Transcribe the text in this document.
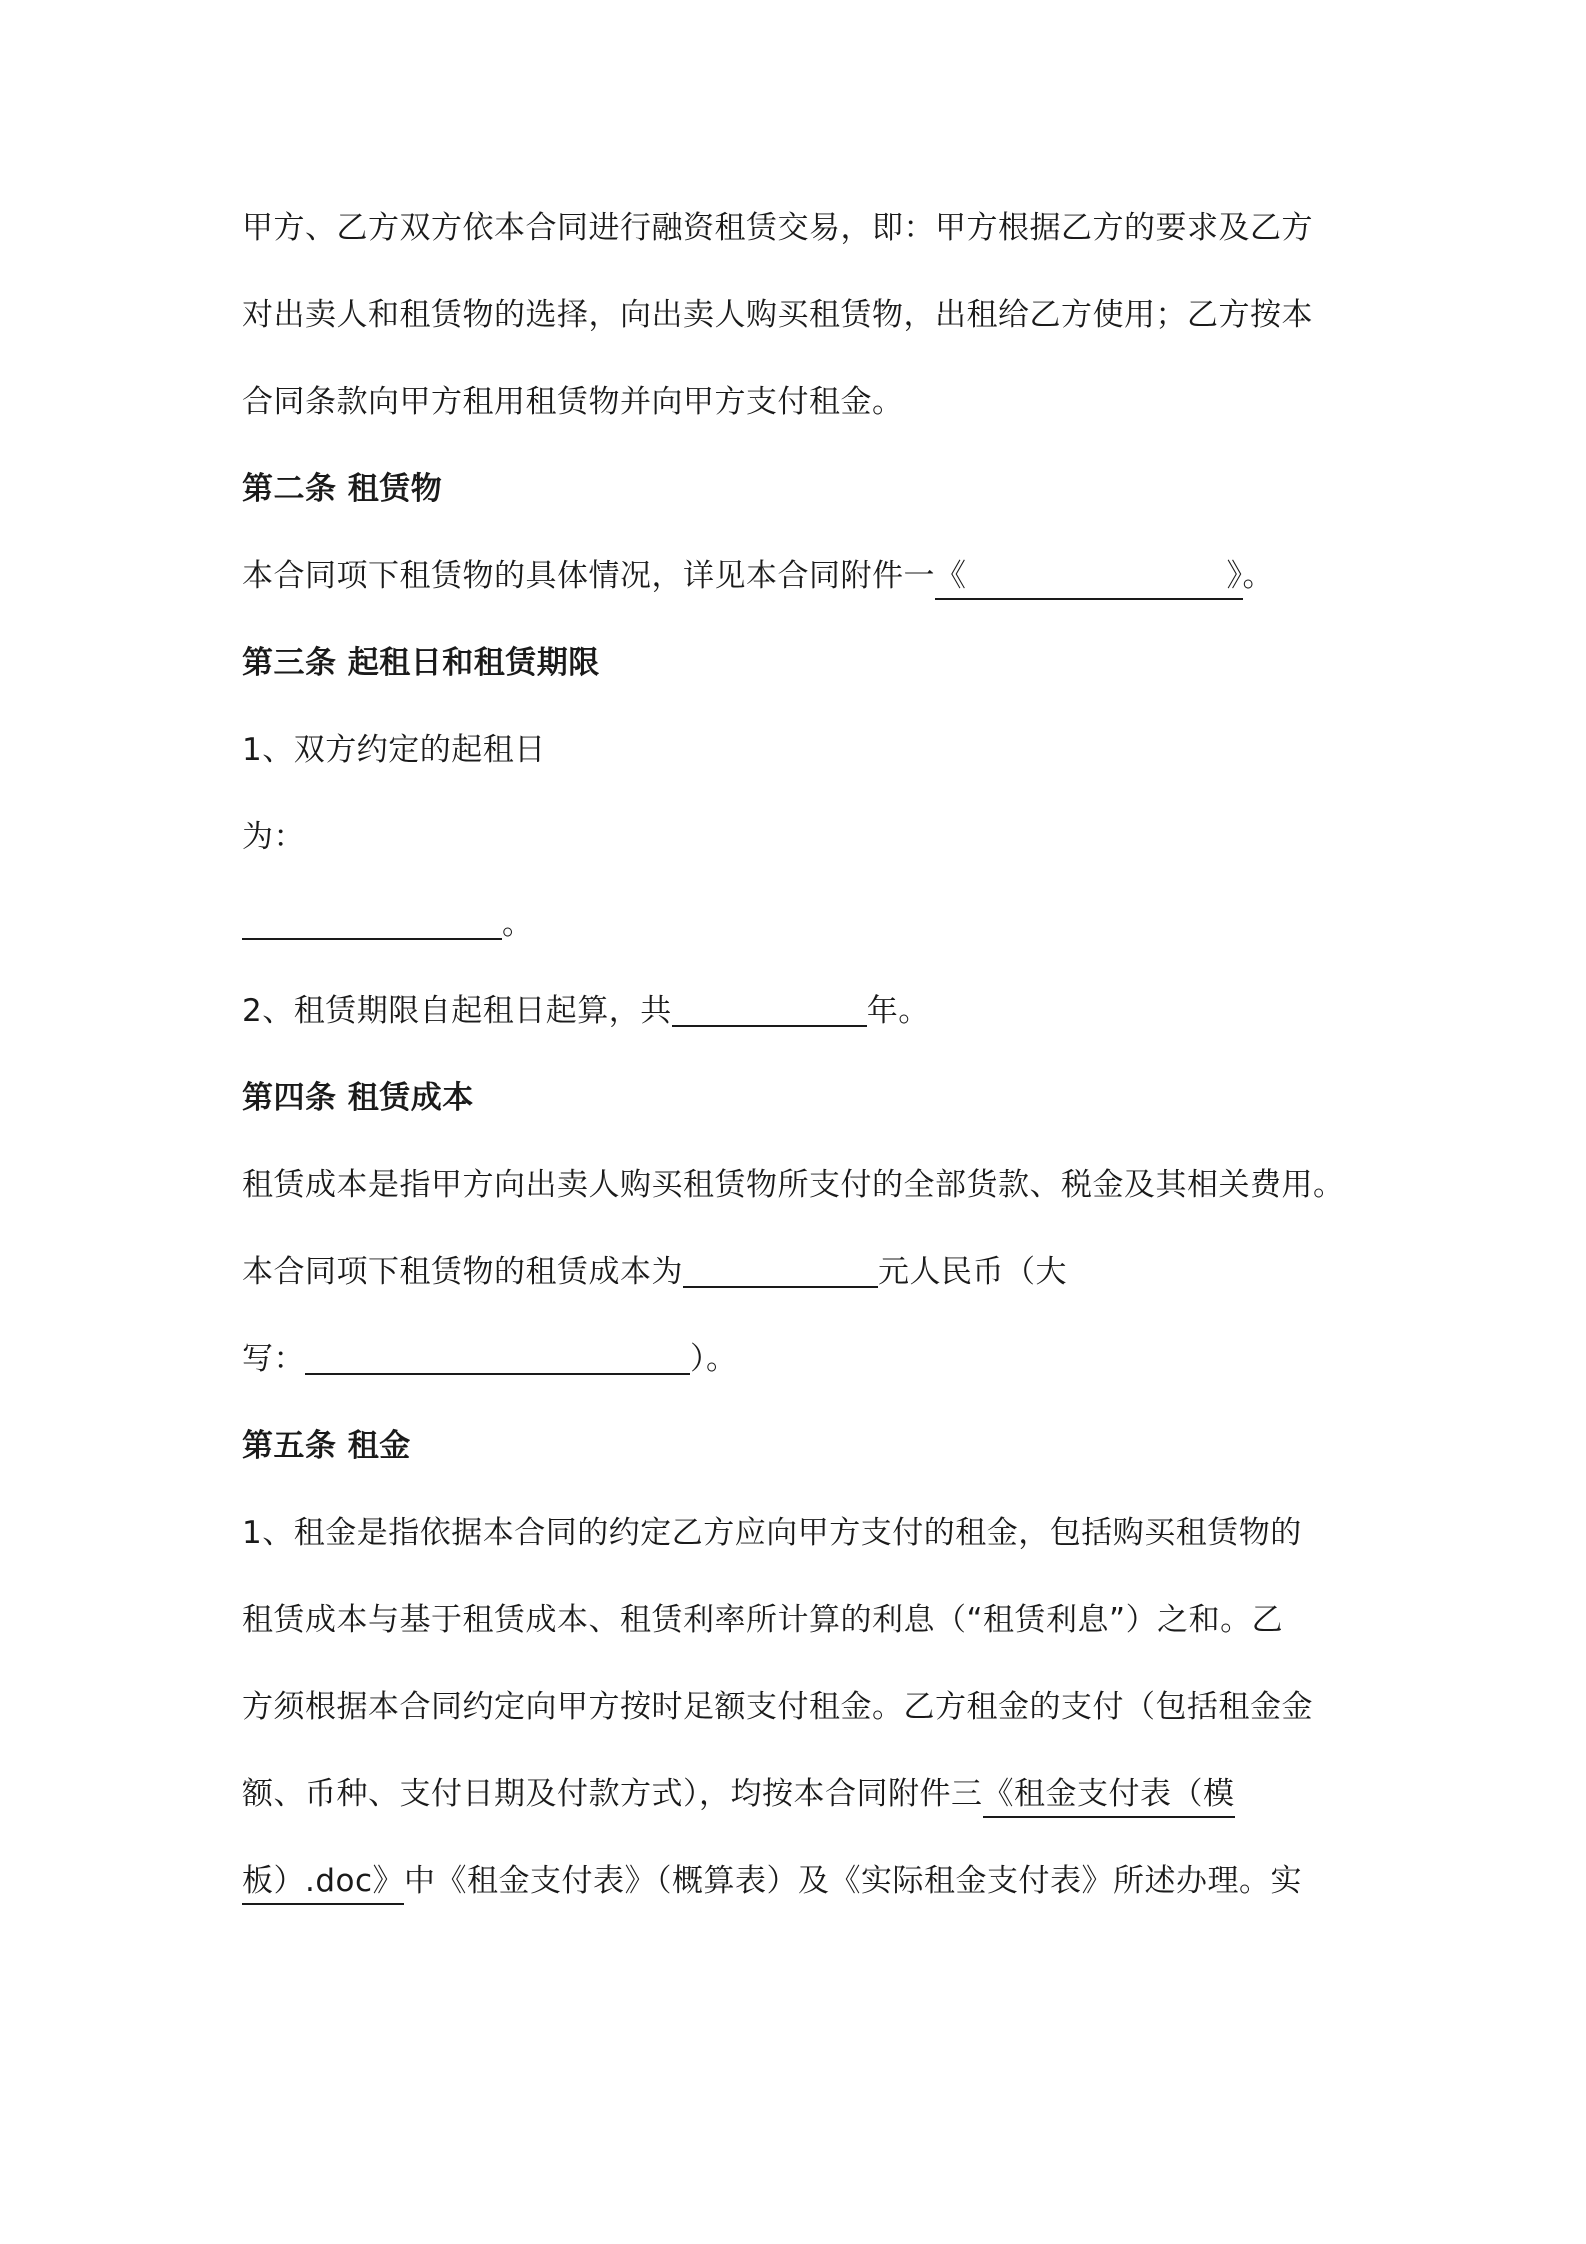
甲方、乙方双方依本合同进行融资租赁交易，即：甲方根据乙方的要求及乙方
对出卖人和租赁物的选择，向出卖人购买租赁物，出租给乙方使用；乙方按本
合同条款向甲方租用租赁物并向甲方支付租金。
第二条 租赁物
本合同项下租赁物的具体情况，详见本合同附件一《	》。
第三条 起租日和租赁期限
1、双方约定的起租日
为：
。
2、租赁期限自起租日起算，共	年。
第四条 租赁成本
租赁成本是指甲方向出卖人购买租赁物所支付的全部货款、税金及其相关费用。
本合同项下租赁物的租赁成本为	元人民币（大
写：	）。
第五条 租金
1、租金是指依据本合同的约定乙方应向甲方支付的租金，包括购买租赁物的
租赁成本与基于租赁成本、租赁利率所计算的利息（“租赁利息”）之和。乙
方须根据本合同约定向甲方按时足额支付租金。乙方租金的支付（包括租金金
额、币种、支付日期及付款方式），均按本合同附件三《租金支付表（模
板）.doc》中《租金支付表》（概算表）及《实际租金支付表》所述办理。实
